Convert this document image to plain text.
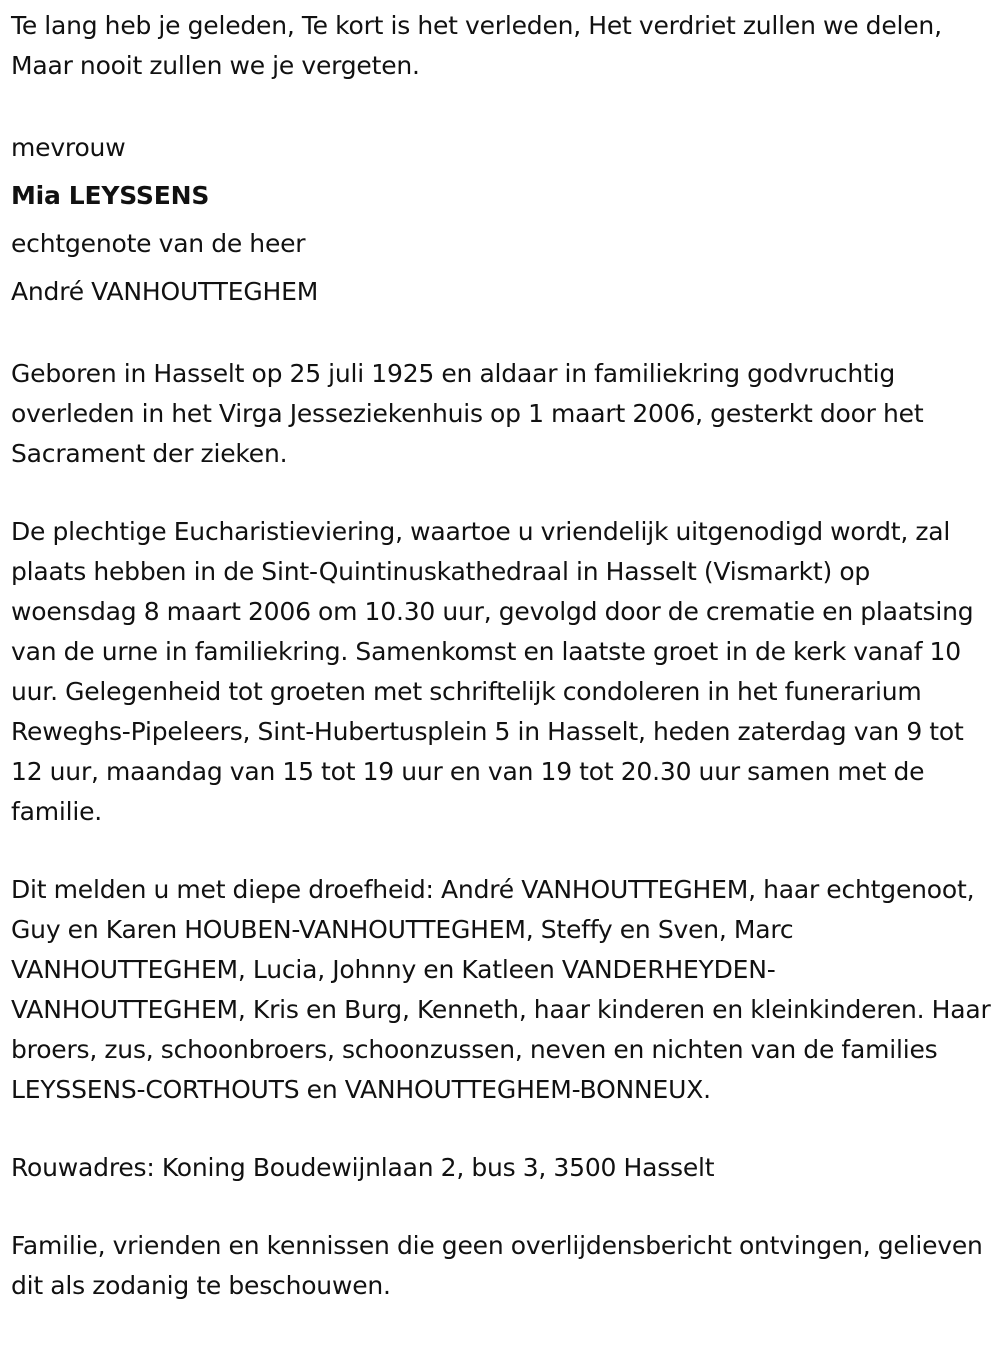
Te lang heb je geleden, Te kort is het verleden, Het verdriet zullen we delen, Maar nooit zullen we je vergeten.

mevrouw

Mia LEYSSENS

echtgenote van de heer

André VANHOUTTEGHEM

Geboren in Hasselt op 25 juli 1925 en aldaar in familiekring godvruchtig overleden in het Virga Jesseziekenhuis op 1 maart 2006, gesterkt door het Sacrament der zieken.

De plechtige Eucharistieviering, waartoe u vriendelijk uitgenodigd wordt, zal plaats hebben in de Sint-Quintinuskathedraal in Hasselt (Vismarkt) op woensdag 8 maart 2006 om 10.30 uur, gevolgd door de crematie en plaatsing van de urne in familiekring. Samenkomst en laatste groet in de kerk vanaf 10 uur. Gelegenheid tot groeten met schriftelijk condoleren in het funerarium Reweghs-Pipeleers, Sint-Hubertusplein 5 in Hasselt, heden zaterdag van 9 tot 12 uur, maandag van 15 tot 19 uur en van 19 tot 20.30 uur samen met de familie.

Dit melden u met diepe droefheid: André VANHOUTTEGHEM, haar echtgenoot, Guy en Karen HOUBEN-VANHOUTTEGHEM, Steffy en Sven, Marc VANHOUTTEGHEM, Lucia, Johnny en Katleen VANDERHEYDEN-VANHOUTTEGHEM, Kris en Burg, Kenneth, haar kinderen en kleinkinderen. Haar broers, zus, schoonbroers, schoonzussen, neven en nichten van de families LEYSSENS-CORTHOUTS en VANHOUTTEGHEM-BONNEUX.

Rouwadres: Koning Boudewijnlaan 2, bus 3, 3500 Hasselt

Familie, vrienden en kennissen die geen overlijdensbericht ontvingen, gelieven dit als zodanig te beschouwen.
